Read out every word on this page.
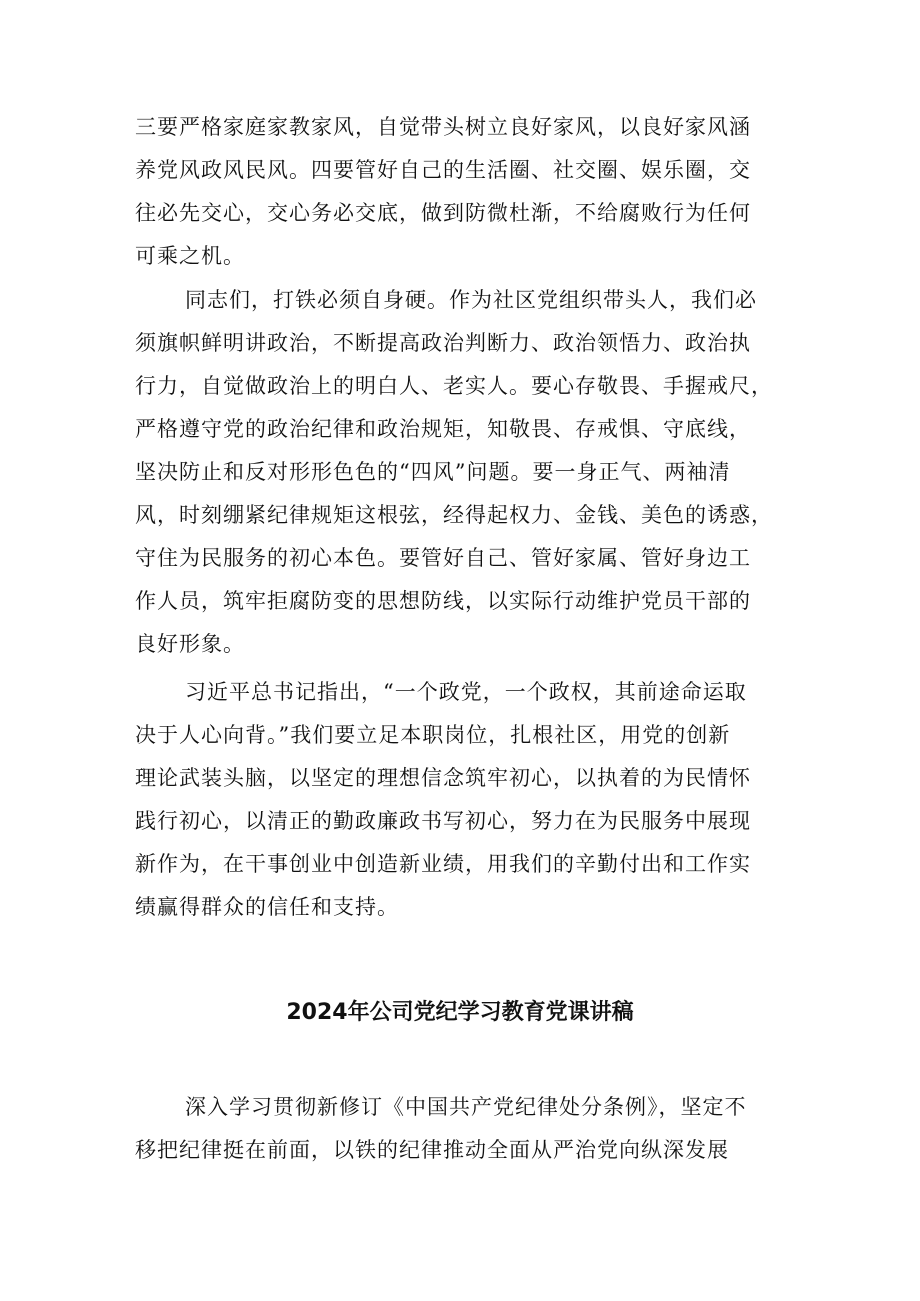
三要严格家庭家教家风，自觉带头树立良好家风，以良好家风涵
养党风政风民风。四要管好自己的生活圈、社交圈、娱乐圈，交
往必先交心，交心务必交底，做到防微杜渐，不给腐败行为任何
可乘之机。
同志们，打铁必须自身硬。作为社区党组织带头人，我们必
须旗帜鲜明讲政治，不断提高政治判断力、政治领悟力、政治执
行力，自觉做政治上的明白人、老实人。要心存敬畏、手握戒尺，
严格遵守党的政治纪律和政治规矩，知敬畏、存戒惧、守底线，
坚决防止和反对形形色色的“四风”问题。要一身正气、两袖清
风，时刻绷紧纪律规矩这根弦，经得起权力、金钱、美色的诱惑，
守住为民服务的初心本色。要管好自己、管好家属、管好身边工
作人员，筑牢拒腐防变的思想防线，以实际行动维护党员干部的
良好形象。
习近平总书记指出，“一个政党，一个政权，其前途命运取
决于人心向背。”我们要立足本职岗位，扎根社区，用党的创新
理论武装头脑，以坚定的理想信念筑牢初心，以执着的为民情怀
践行初心，以清正的勤政廉政书写初心，努力在为民服务中展现
新作为，在干事创业中创造新业绩，用我们的辛勤付出和工作实
绩赢得群众的信任和支持。
2024年公司党纪学习教育党课讲稿
深入学习贯彻新修订《中国共产党纪律处分条例》，坚定不
移把纪律挺在前面，以铁的纪律推动全面从严治党向纵深发展
